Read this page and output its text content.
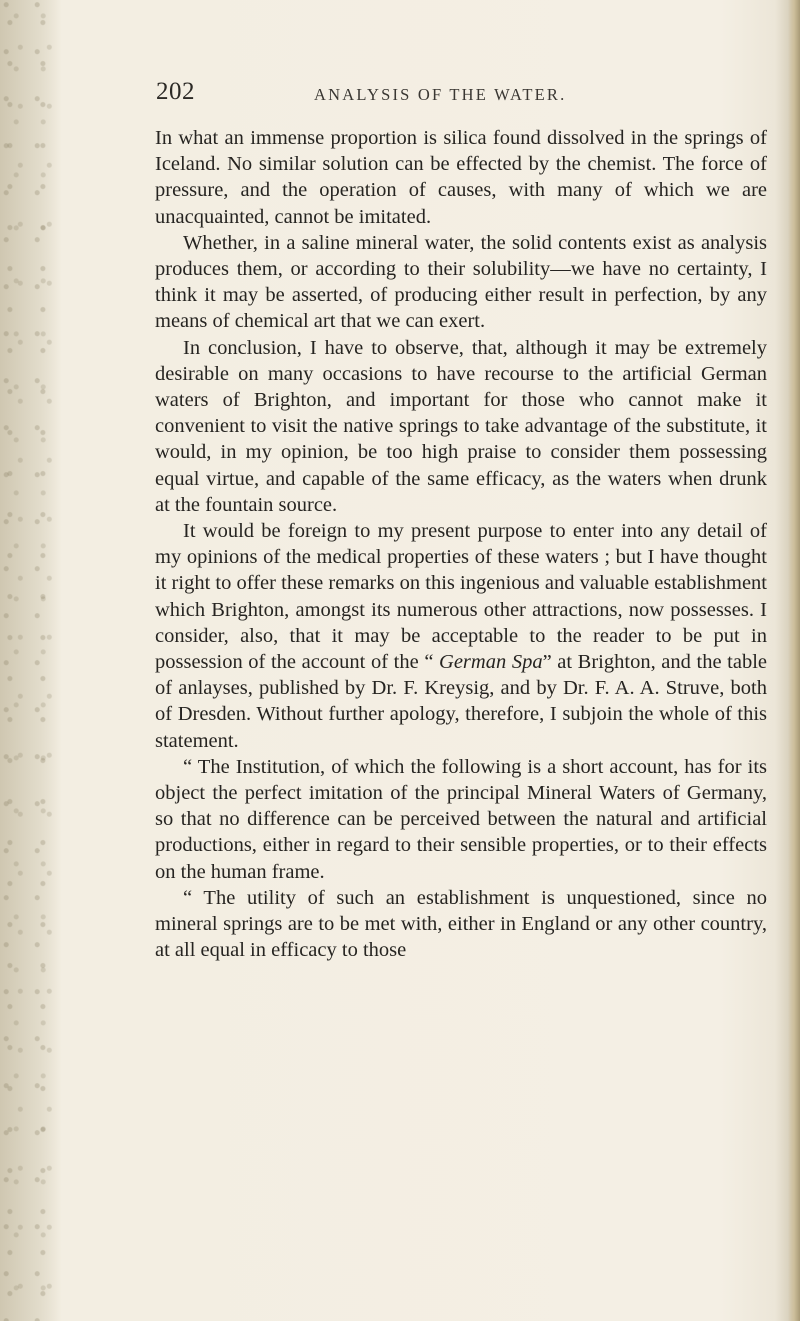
202	ANALYSIS OF THE WATER.

In what an immense proportion is silica found dissolved in the springs of Iceland. No similar solution can be effected by the chemist. The force of pressure, and the operation of causes, with many of which we are unacquainted, cannot be imitated.

Whether, in a saline mineral water, the solid contents exist as analysis produces them, or according to their solubility—we have no certainty, I think it may be asserted, of producing either result in perfection, by any means of chemical art that we can exert.

In conclusion, I have to observe, that, although it may be extremely desirable on many occasions to have recourse to the artificial German waters of Brighton, and important for those who cannot make it convenient to visit the native springs to take advantage of the substitute, it would, in my opinion, be too high praise to consider them possessing equal virtue, and capable of the same efficacy, as the waters when drunk at the fountain source.

It would be foreign to my present purpose to enter into any detail of my opinions of the medical properties of these waters ; but I have thought it right to offer these remarks on this ingenious and valuable establishment which Brighton, amongst its numerous other attractions, now possesses. I consider, also, that it may be acceptable to the reader to be put in possession of the account of the “ German Spa” at Brighton, and the table of anlayses, published by Dr. F. Kreysig, and by Dr. F. A. A. Struve, both of Dresden. Without further apology, therefore, I subjoin the whole of this statement.

“ The Institution, of which the following is a short account, has for its object the perfect imitation of the principal Mineral Waters of Germany, so that no difference can be perceived between the natural and artificial productions, either in regard to their sensible properties, or to their effects on the human frame.

“ The utility of such an establishment is unquestioned, since no mineral springs are to be met with, either in England or any other country, at all equal in efficacy to those
